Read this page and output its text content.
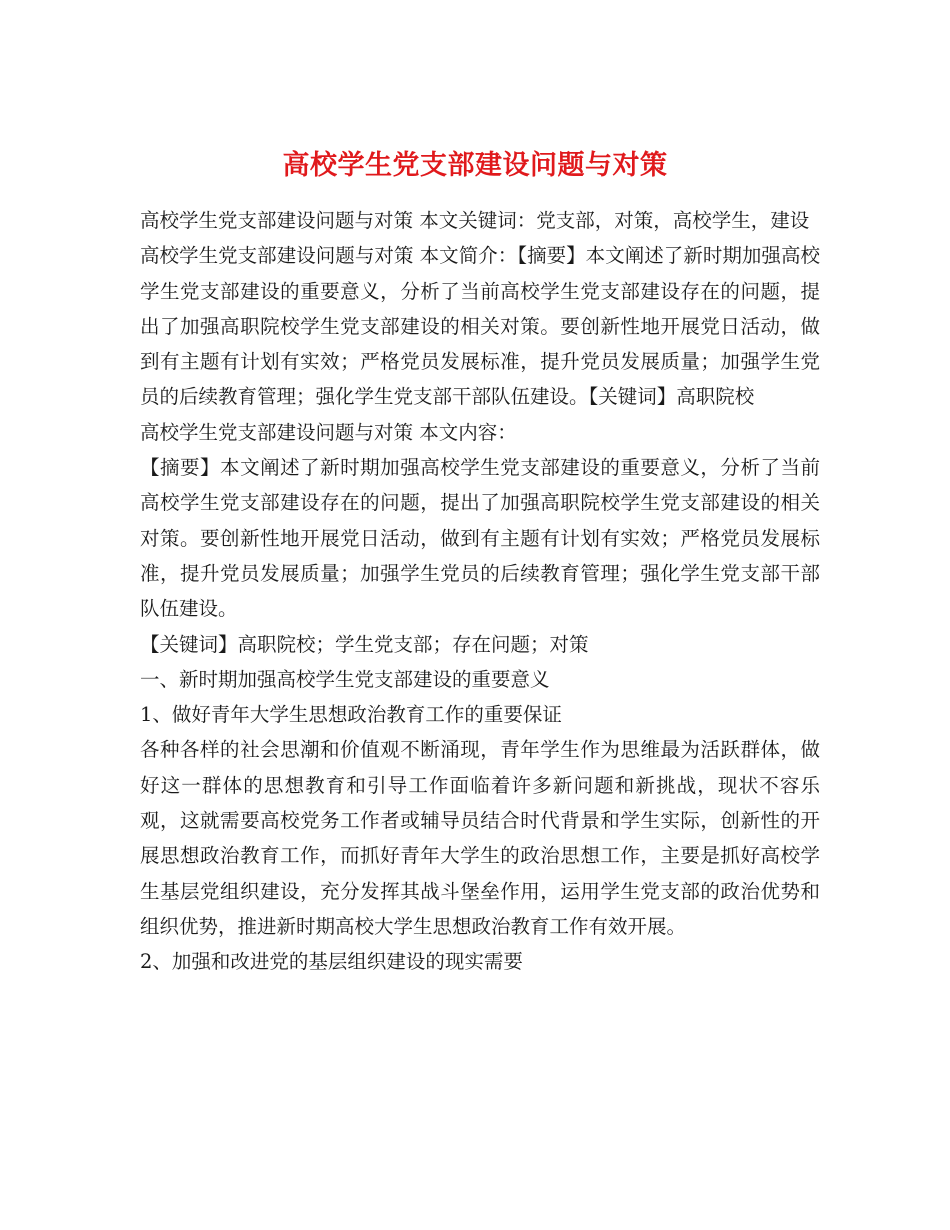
高校学生党支部建设问题与对策

高校学生党支部建设问题与对策 本文关键词：党支部，对策，高校学生，建设

高校学生党支部建设问题与对策 本文简介：【摘要】本文阐述了新时期加强高校学生党支部建设的重要意义，分析了当前高校学生党支部建设存在的问题，提出了加强高职院校学生党支部建设的相关对策。要创新性地开展党日活动，做到有主题有计划有实效；严格党员发展标准，提升党员发展质量；加强学生党员的后续教育管理；强化学生党支部干部队伍建设。【关键词】高职院校

高校学生党支部建设问题与对策 本文内容：

【摘要】本文阐述了新时期加强高校学生党支部建设的重要意义，分析了当前高校学生党支部建设存在的问题，提出了加强高职院校学生党支部建设的相关对策。要创新性地开展党日活动，做到有主题有计划有实效；严格党员发展标准，提升党员发展质量；加强学生党员的后续教育管理；强化学生党支部干部队伍建设。

【关键词】高职院校；学生党支部；存在问题；对策

一、新时期加强高校学生党支部建设的重要意义

1、做好青年大学生思想政治教育工作的重要保证

各种各样的社会思潮和价值观不断涌现，青年学生作为思维最为活跃群体，做好这一群体的思想教育和引导工作面临着许多新问题和新挑战，现状不容乐观，这就需要高校党务工作者或辅导员结合时代背景和学生实际，创新性的开展思想政治教育工作，而抓好青年大学生的政治思想工作，主要是抓好高校学生基层党组织建设，充分发挥其战斗堡垒作用，运用学生党支部的政治优势和组织优势，推进新时期高校大学生思想政治教育工作有效开展。

2、加强和改进党的基层组织建设的现实需要
